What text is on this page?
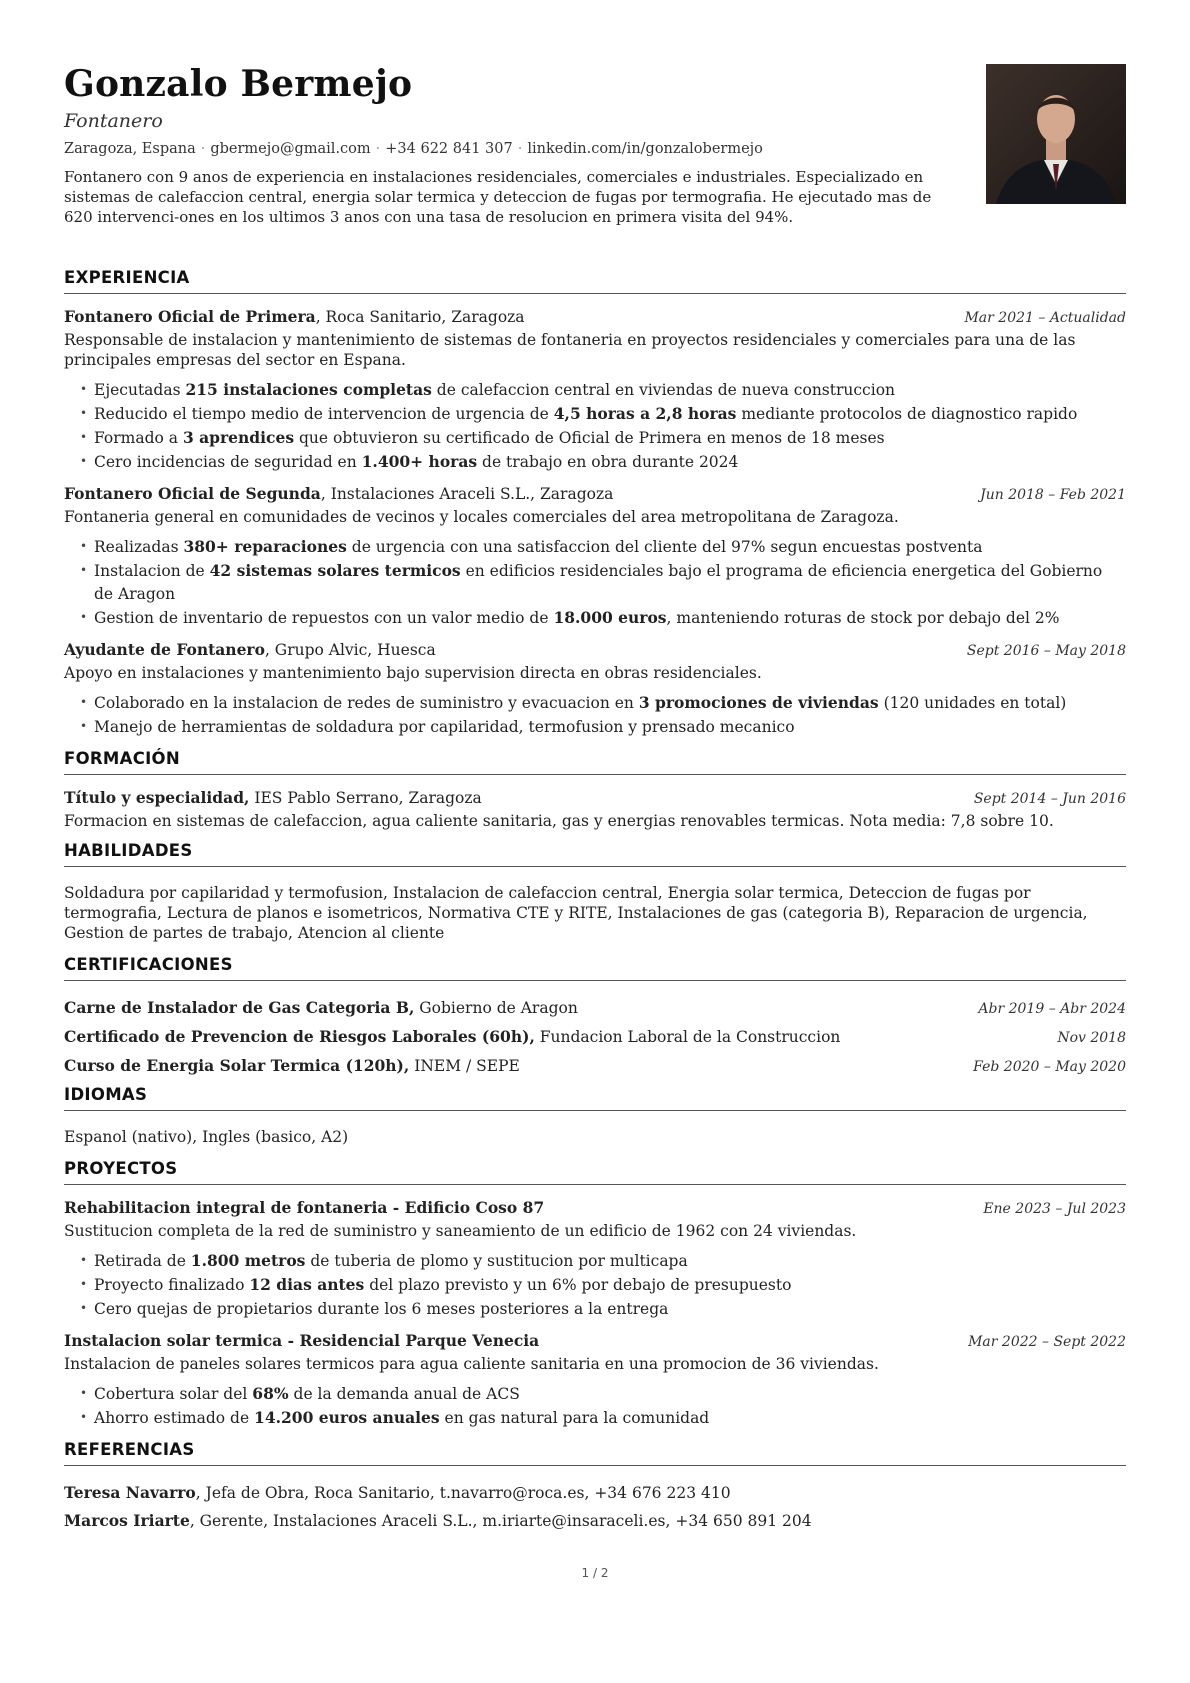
Gonzalo Bermejo
Fontanero
Zaragoza, Espana · gbermejo@gmail.com · +34 622 841 307 · linkedin.com/in/gonzalobermejo
Fontanero con 9 anos de experiencia en instalaciones residenciales, comerciales e industriales. Especializado en sistemas de calefaccion central, energia solar termica y deteccion de fugas por termografia. He ejecutado mas de 620 intervenci-ones en los ultimos 3 anos con una tasa de resolucion en primera visita del 94%.
EXPERIENCIA
Fontanero Oficial de Primera, Roca Sanitario, Zaragoza	Mar 2021 – Actualidad
Responsable de instalacion y mantenimiento de sistemas de fontaneria en proyectos residenciales y comerciales para una de las principales empresas del sector en Espana.
• Ejecutadas 215 instalaciones completas de calefaccion central en viviendas de nueva construccion
• Reducido el tiempo medio de intervencion de urgencia de 4,5 horas a 2,8 horas mediante protocolos de diagnostico rapido
• Formado a 3 aprendices que obtuvieron su certificado de Oficial de Primera en menos de 18 meses
• Cero incidencias de seguridad en 1.400+ horas de trabajo en obra durante 2024
Fontanero Oficial de Segunda, Instalaciones Araceli S.L., Zaragoza	Jun 2018 – Feb 2021
Fontaneria general en comunidades de vecinos y locales comerciales del area metropolitana de Zaragoza.
• Realizadas 380+ reparaciones de urgencia con una satisfaccion del cliente del 97% segun encuestas postventa
• Instalacion de 42 sistemas solares termicos en edificios residenciales bajo el programa de eficiencia energetica del Gobierno de Aragon
• Gestion de inventario de repuestos con un valor medio de 18.000 euros, manteniendo roturas de stock por debajo del 2%
Ayudante de Fontanero, Grupo Alvic, Huesca	Sept 2016 – May 2018
Apoyo en instalaciones y mantenimiento bajo supervision directa en obras residenciales.
• Colaborado en la instalacion de redes de suministro y evacuacion en 3 promociones de viviendas (120 unidades en total)
• Manejo de herramientas de soldadura por capilaridad, termofusion y prensado mecanico
FORMACIÓN
Título y especialidad, IES Pablo Serrano, Zaragoza	Sept 2014 – Jun 2016
Formacion en sistemas de calefaccion, agua caliente sanitaria, gas y energias renovables termicas. Nota media: 7,8 sobre 10.
HABILIDADES
Soldadura por capilaridad y termofusion, Instalacion de calefaccion central, Energia solar termica, Deteccion de fugas por termografia, Lectura de planos e isometricos, Normativa CTE y RITE, Instalaciones de gas (categoria B), Reparacion de urgencia, Gestion de partes de trabajo, Atencion al cliente
CERTIFICACIONES
Carne de Instalador de Gas Categoria B, Gobierno de Aragon	Abr 2019 – Abr 2024
Certificado de Prevencion de Riesgos Laborales (60h), Fundacion Laboral de la Construccion	Nov 2018
Curso de Energia Solar Termica (120h), INEM / SEPE	Feb 2020 – May 2020
IDIOMAS
Espanol (nativo), Ingles (basico, A2)
PROYECTOS
Rehabilitacion integral de fontaneria - Edificio Coso 87	Ene 2023 – Jul 2023
Sustitucion completa de la red de suministro y saneamiento de un edificio de 1962 con 24 viviendas.
• Retirada de 1.800 metros de tuberia de plomo y sustitucion por multicapa
• Proyecto finalizado 12 dias antes del plazo previsto y un 6% por debajo de presupuesto
• Cero quejas de propietarios durante los 6 meses posteriores a la entrega
Instalacion solar termica - Residencial Parque Venecia	Mar 2022 – Sept 2022
Instalacion de paneles solares termicos para agua caliente sanitaria en una promocion de 36 viviendas.
• Cobertura solar del 68% de la demanda anual de ACS
• Ahorro estimado de 14.200 euros anuales en gas natural para la comunidad
REFERENCIAS
Teresa Navarro, Jefa de Obra, Roca Sanitario, t.navarro@roca.es, +34 676 223 410
Marcos Iriarte, Gerente, Instalaciones Araceli S.L., m.iriarte@insaraceli.es, +34 650 891 204
1 / 2
